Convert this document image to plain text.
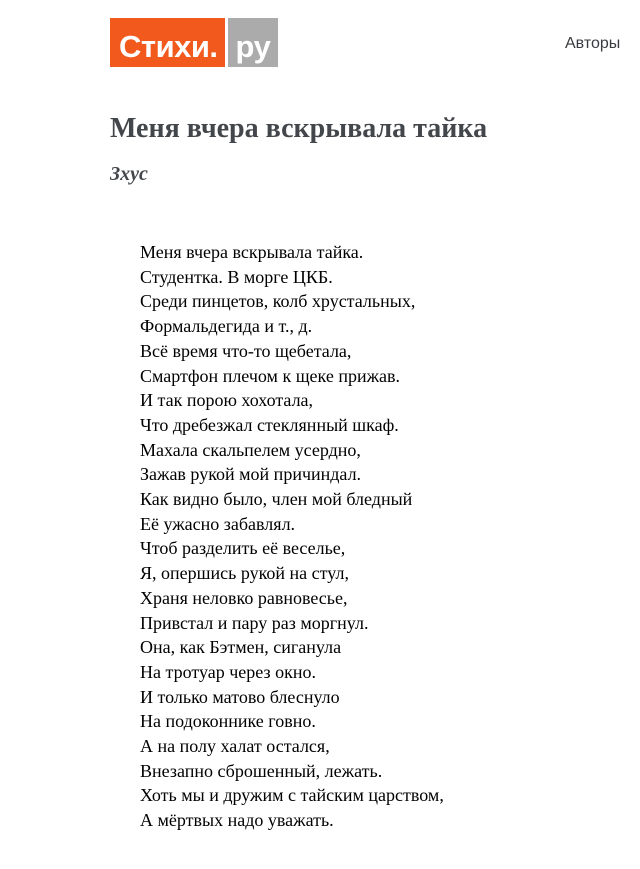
Стихи. ру	Авторы
Меня вчера вскрывала тайка
Зхус
Меня вчера вскрывала тайка.
Студентка. В морге ЦКБ.
Среди пинцетов, колб хрустальных,
Формальдегида и т., д.
Всё время что-то щебетала,
Смартфон плечом к щеке прижав.
И так порою хохотала,
Что дребезжал стеклянный шкаф.
Махала скальпелем усердно,
Зажав рукой мой причиндал.
Как видно было, член мой бледный
Её ужасно забавлял.
Чтоб разделить её веселье,
Я, опершись рукой на стул,
Храня неловко равновесье,
Привстал и пару раз моргнул.
Она, как Бэтмен, сиганула
На тротуар через окно.
И только матово блеснуло
На подоконнике говно.
А на полу халат остался,
Внезапно сброшенный, лежать.
Хоть мы и дружим с тайским царством,
А мёртвых надо уважать.
